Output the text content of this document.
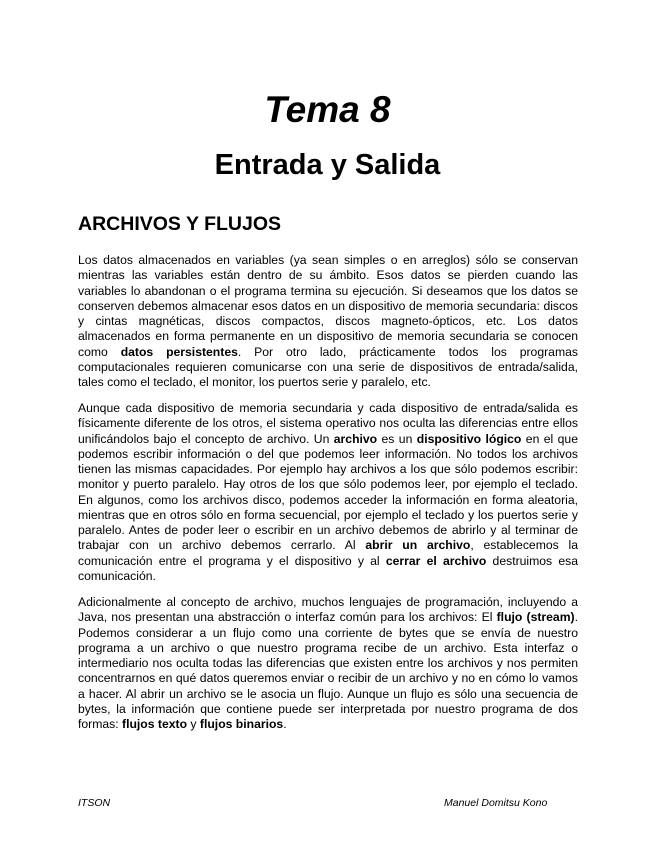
Tema 8
Entrada y Salida
ARCHIVOS Y FLUJOS

Los datos almacenados en variables (ya sean simples o en arreglos) sólo se conservan mientras las variables están dentro de su ámbito. Esos datos se pierden cuando las variables lo abandonan o el programa termina su ejecución. Si deseamos que los datos se conserven debemos almacenar esos datos en un dispositivo de memoria secundaria: discos y cintas magnéticas, discos compactos, discos magneto-ópticos, etc. Los datos almacenados en forma permanente en un dispositivo de memoria secundaria se conocen como datos persistentes. Por otro lado, prácticamente todos los programas computacionales requieren comunicarse con una serie de dispositivos de entrada/salida, tales como el teclado, el monitor, los puertos serie y paralelo, etc.

Aunque cada dispositivo de memoria secundaria y cada dispositivo de entrada/salida es físicamente diferente de los otros, el sistema operativo nos oculta las diferencias entre ellos unificándolos bajo el concepto de archivo. Un archivo es un dispositivo lógico en el que podemos escribir información o del que podemos leer información. No todos los archivos tienen las mismas capacidades. Por ejemplo hay archivos a los que sólo podemos escribir: monitor y puerto paralelo. Hay otros de los que sólo podemos leer, por ejemplo el teclado. En algunos, como los archivos disco, podemos acceder la información en forma aleatoria, mientras que en otros sólo en forma secuencial, por ejemplo el teclado y los puertos serie y paralelo. Antes de poder leer o escribir en un archivo debemos de abrirlo y al terminar de trabajar con un archivo debemos cerrarlo. Al abrir un archivo, establecemos la comunicación entre el programa y el dispositivo y al cerrar el archivo destruimos esa comunicación.

Adicionalmente al concepto de archivo, muchos lenguajes de programación, incluyendo a Java, nos presentan una abstracción o interfaz común para los archivos: El flujo (stream). Podemos considerar a un flujo como una corriente de bytes que se envía de nuestro programa a un archivo o que nuestro programa recibe de un archivo. Esta interfaz o intermediario nos oculta todas las diferencias que existen entre los archivos y nos permiten concentrarnos en qué datos queremos enviar o recibir de un archivo y no en cómo lo vamos a hacer. Al abrir un archivo se le asocia un flujo. Aunque un flujo es sólo una secuencia de bytes, la información que contiene puede ser interpretada por nuestro programa de dos formas: flujos texto y flujos binarios.

ITSON	Manuel Domitsu Kono
